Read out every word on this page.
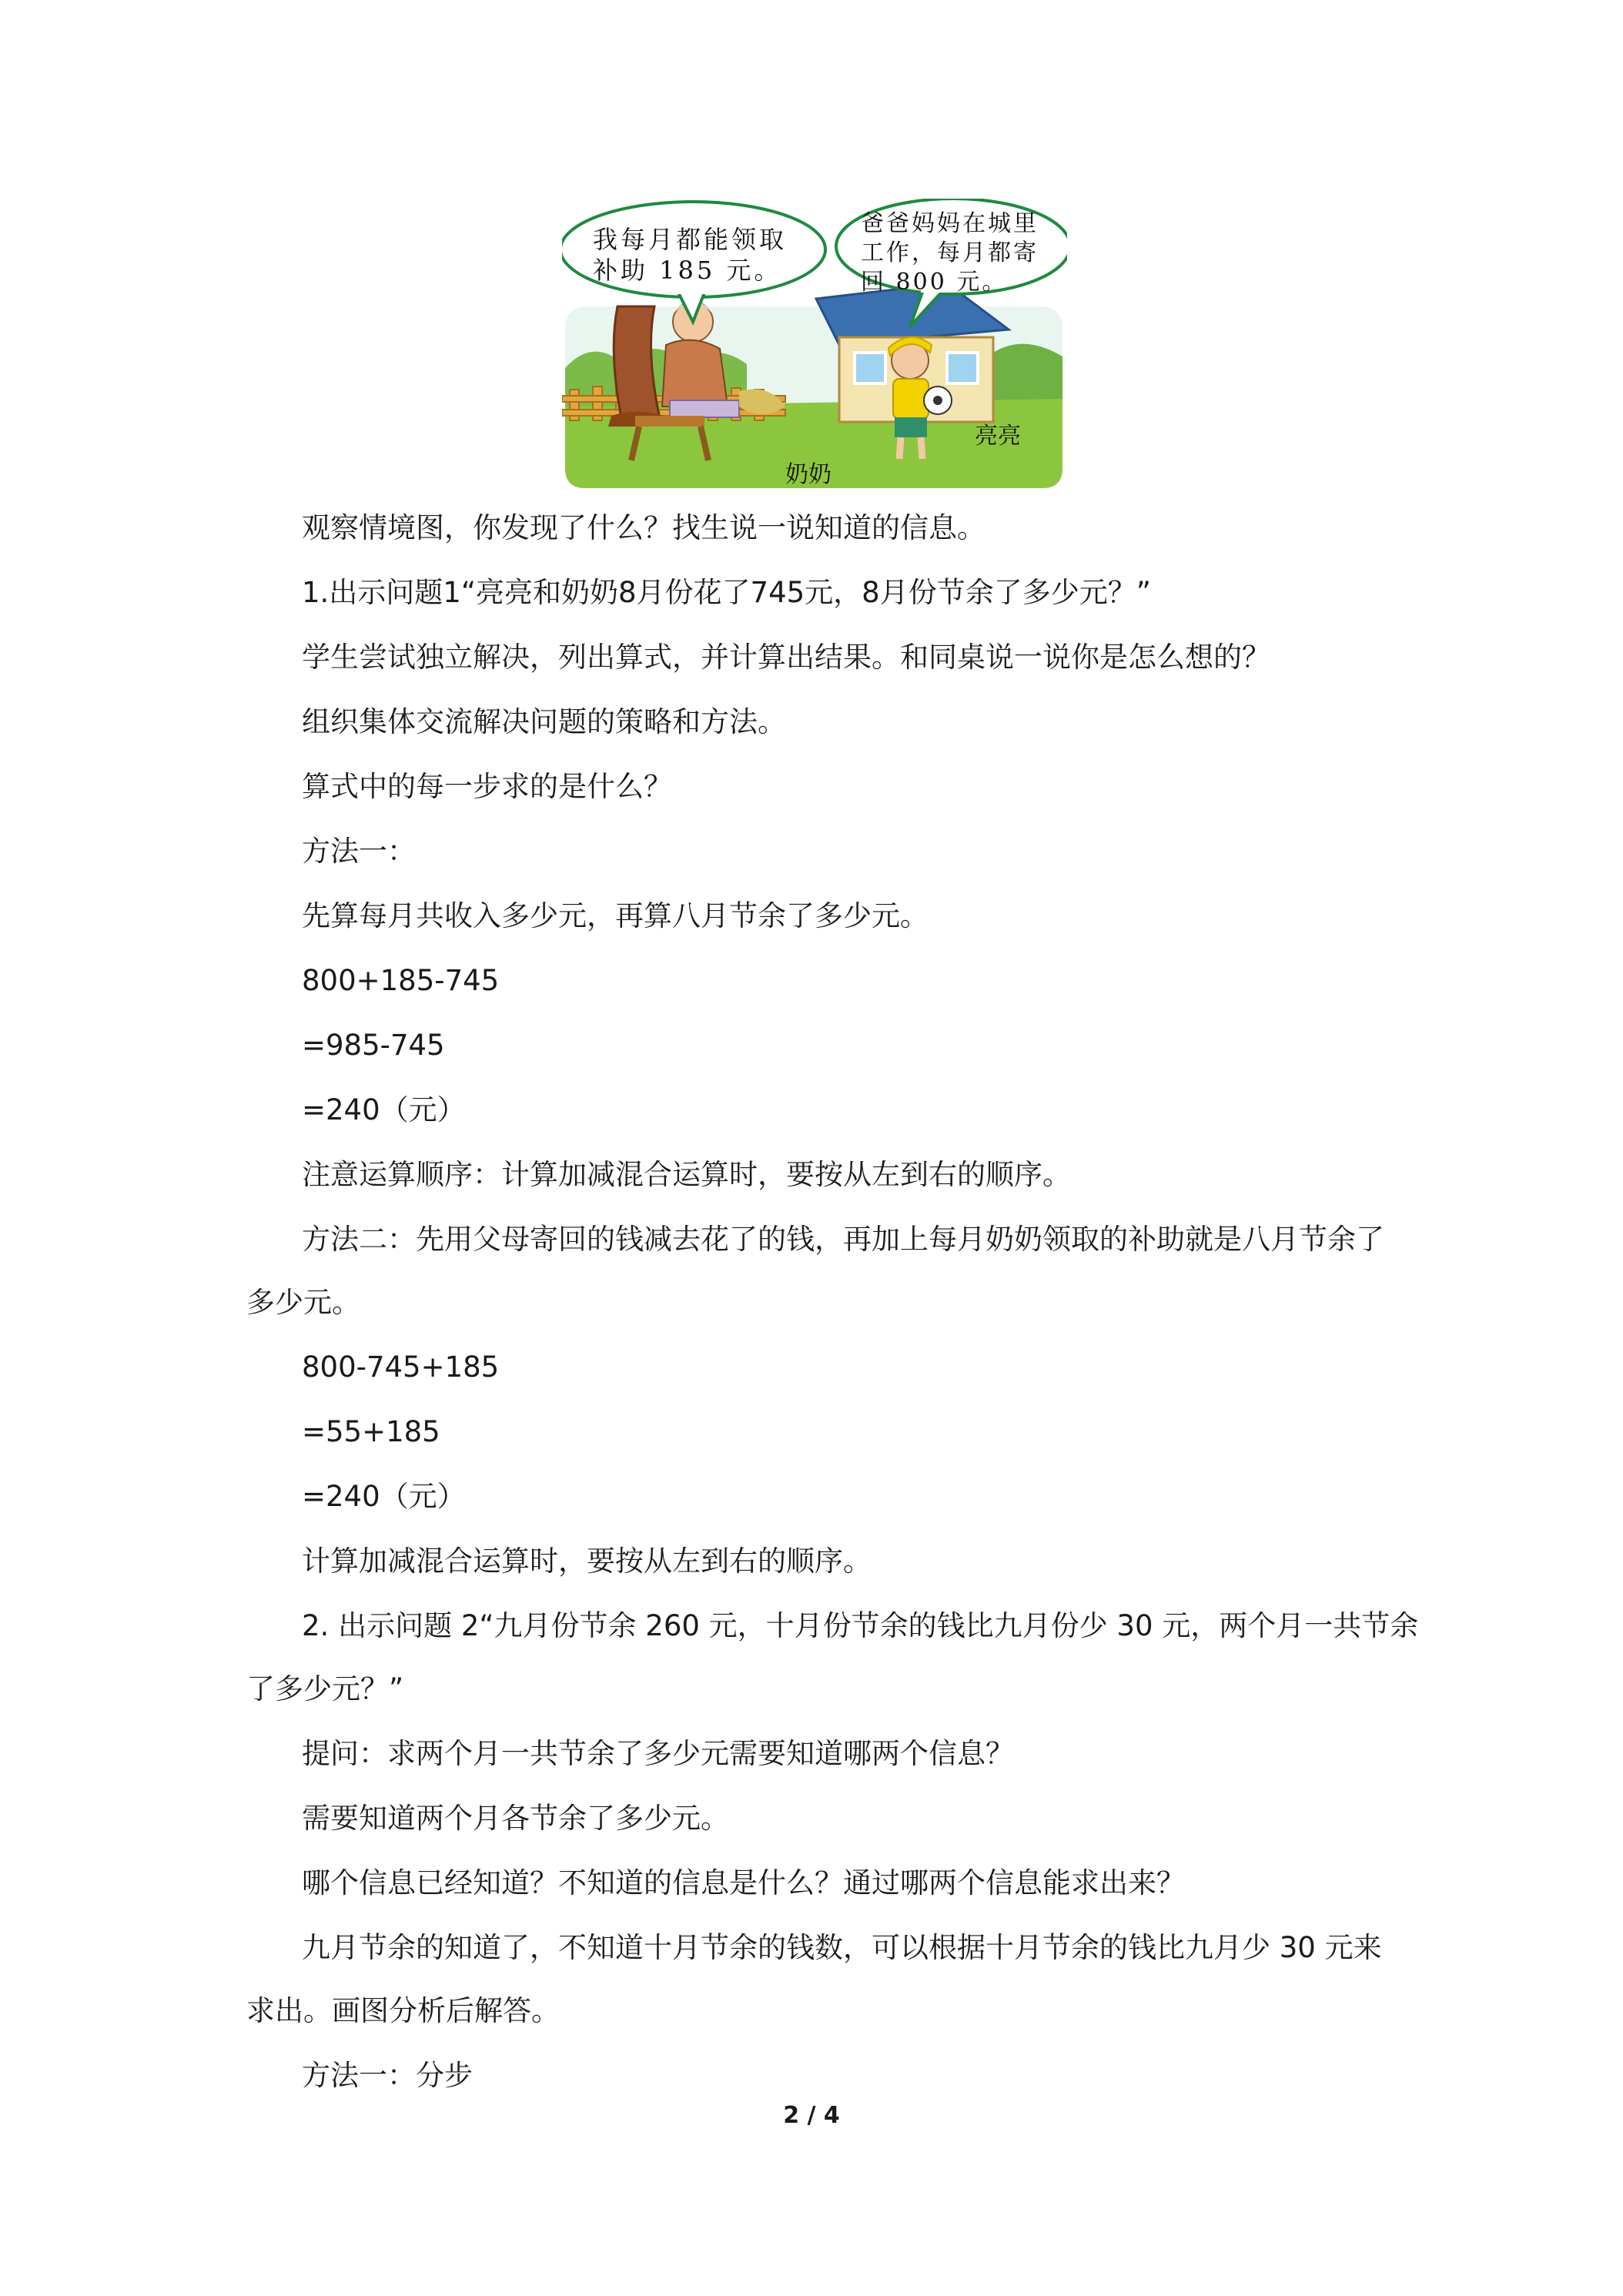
我每月都能领取
补助 185 元。
爸爸妈妈在城里
工作，每月都寄
回 800 元。
奶奶
亮亮
观察情境图，你发现了什么？找生说一说知道的信息。
1.出示问题1“亮亮和奶奶8月份花了745元，8月份节余了多少元？”
学生尝试独立解决，列出算式，并计算出结果。和同桌说一说你是怎么想的？
组织集体交流解决问题的策略和方法。
算式中的每一步求的是什么？
方法一：
先算每月共收入多少元，再算八月节余了多少元。
800+185-745
=985-745
=240（元）
注意运算顺序：计算加减混合运算时，要按从左到右的顺序。
方法二：先用父母寄回的钱减去花了的钱，再加上每月奶奶领取的补助就是八月节余了
多少元。
800-745+185
=55+185
=240（元）
计算加减混合运算时，要按从左到右的顺序。
2. 出示问题 2“九月份节余 260 元，十月份节余的钱比九月份少 30 元，两个月一共节余
了多少元？”
提问：求两个月一共节余了多少元需要知道哪两个信息？
需要知道两个月各节余了多少元。
哪个信息已经知道？不知道的信息是什么？通过哪两个信息能求出来？
九月节余的知道了，不知道十月节余的钱数，可以根据十月节余的钱比九月少 30 元来
求出。画图分析后解答。
方法一：分步
2 / 4
